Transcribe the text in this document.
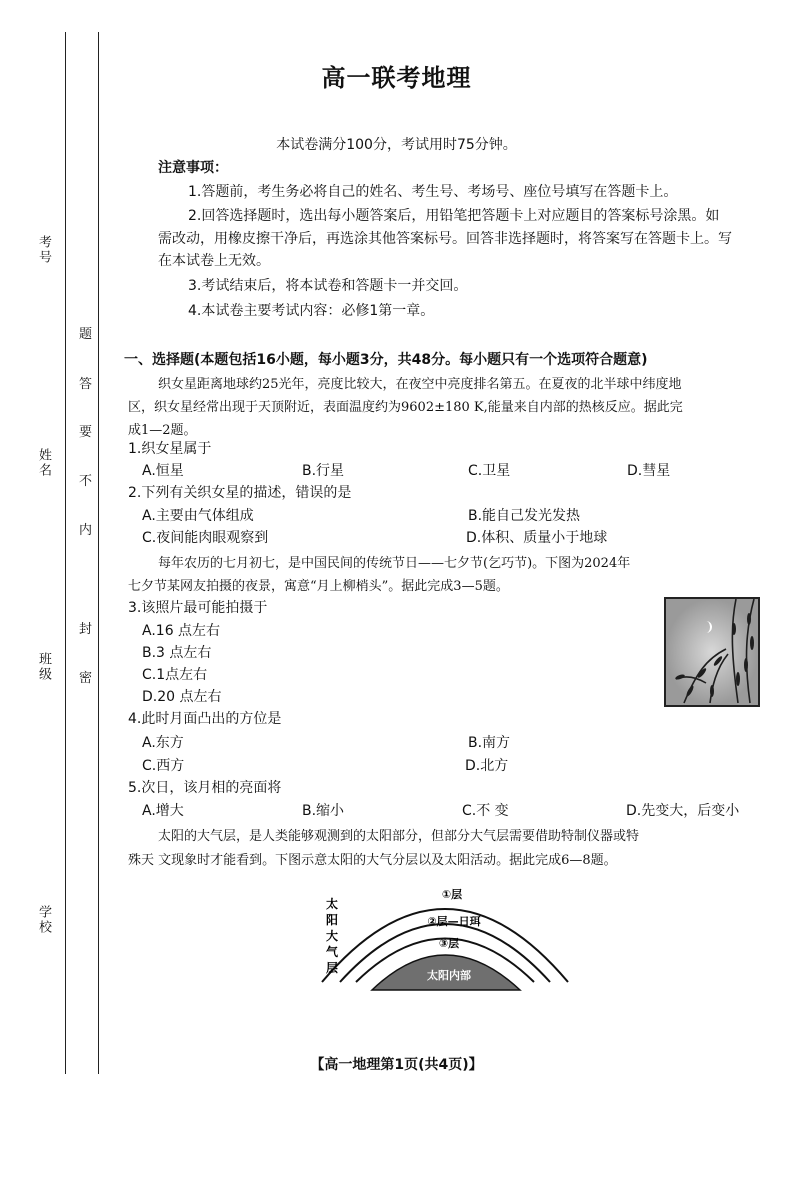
考号
姓名
班级
学校
题
答
要
不
内
封
密
高一联考地理
本试卷满分100分，考试用时75分钟。
注意事项：
1.答题前，考生务必将自己的姓名、考生号、考场号、座位号填写在答题卡上。
2.回答选择题时，选出每小题答案后，用铅笔把答题卡上对应题目的答案标号涂黑。如
需改动，用橡皮擦干净后，再选涂其他答案标号。回答非选择题时，将答案写在答题卡上。写
在本试卷上无效。
3.考试结束后，将本试卷和答题卡一并交回。
4.本试卷主要考试内容：必修1第一章。
一、选择题(本题包括16小题，每小题3分，共48分。每小题只有一个选项符合题意)
织女星距离地球约25光年，亮度比较大，在夜空中亮度排名第五。在夏夜的北半球中纬度地
区，织女星经常出现于天顶附近，表面温度约为9602±180 K,能量来自内部的热核反应。据此完
成1—2题。
1.织女星属于
A.恒星	B.行星	C.卫星	D.彗星
2.下列有关织女星的描述，错误的是
A.主要由气体组成	B.能自己发光发热
C.夜间能肉眼观察到	D.体积、质量小于地球
每年农历的七月初七，是中国民间的传统节日——七夕节(乞巧节)。下图为2024年
七夕节某网友拍摄的夜景，寓意“月上柳梢头”。据此完成3—5题。
3.该照片最可能拍摄于
A.16 点左右
B.3 点左右
C.1点左右
D.20 点左右
4.此时月面凸出的方位是
A.东方	B.南方
C.西方	D.北方
5.次日，该月相的亮面将
A.增大	B.缩小	C.不 变	D.先变大，后变小
太阳的大气层，是人类能够观测到的太阳部分，但部分大气层需要借助特制仪器或特
殊天 文现象时才能看到。下图示意太阳的大气分层以及太阳活动。据此完成6—8题。
太
阳
大
气
层
①层
②层—日珥
③层
太阳内部
【高一地理第1页(共4页)】
